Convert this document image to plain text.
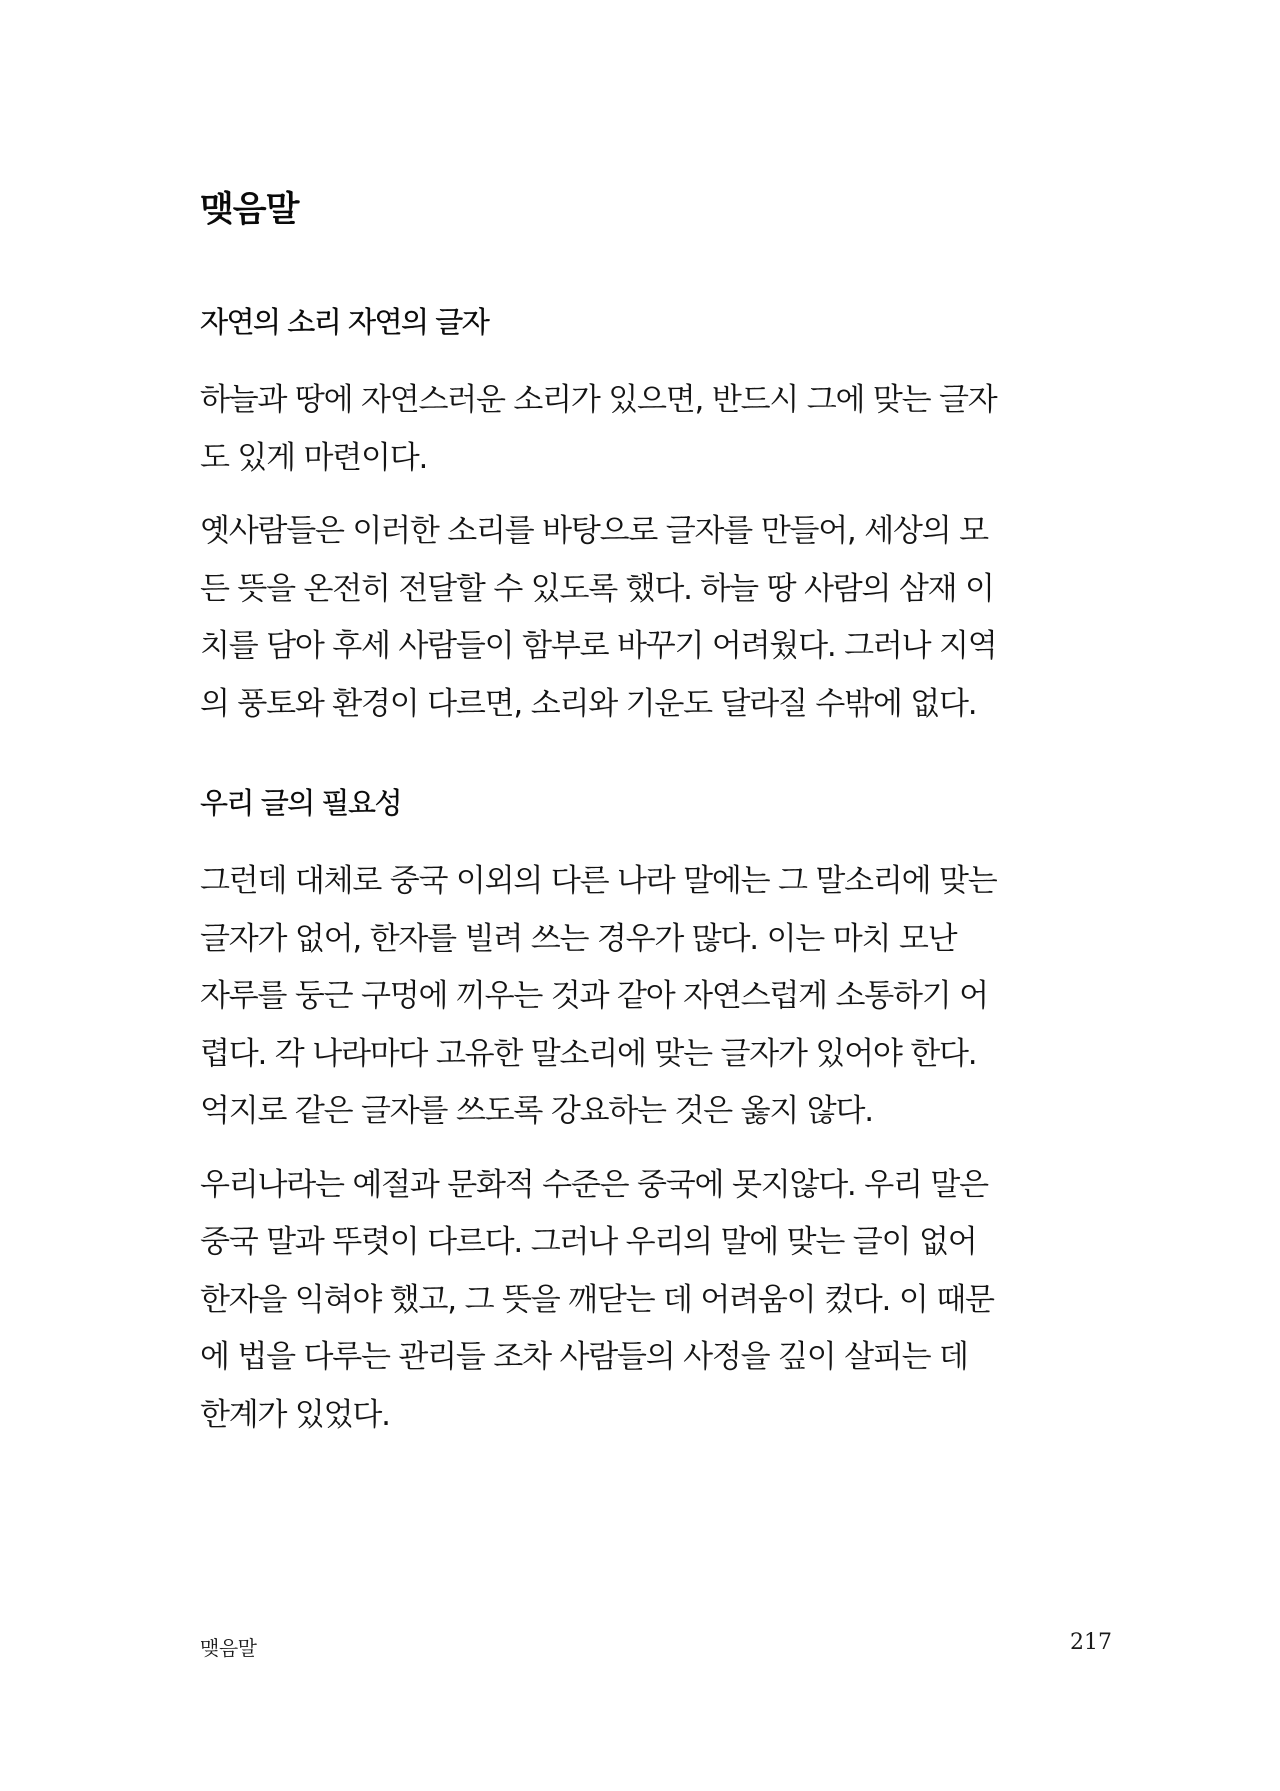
맺음말
자연의 소리 자연의 글자

하늘과 땅에 자연스러운 소리가 있으면, 반드시 그에 맞는 글자
도 있게 마련이다.

옛사람들은 이러한 소리를 바탕으로 글자를 만들어, 세상의 모
든 뜻을 온전히 전달할 수 있도록 했다. 하늘 땅 사람의 삼재 이
치를 담아 후세 사람들이 함부로 바꾸기 어려웠다. 그러나 지역
의 풍토와 환경이 다르면, 소리와 기운도 달라질 수밖에 없다.

우리 글의 필요성

그런데 대체로 중국 이외의 다른 나라 말에는 그 말소리에 맞는
글자가 없어, 한자를 빌려 쓰는 경우가 많다. 이는 마치 모난
자루를 둥근 구멍에 끼우는 것과 같아 자연스럽게 소통하기 어
렵다. 각 나라마다 고유한 말소리에 맞는 글자가 있어야 한다.
억지로 같은 글자를 쓰도록 강요하는 것은 옳지 않다.

우리나라는 예절과 문화적 수준은 중국에 못지않다. 우리 말은
중국 말과 뚜렷이 다르다. 그러나 우리의 말에 맞는 글이 없어
한자을 익혀야 했고, 그 뜻을 깨닫는 데 어려움이 컸다. 이 때문
에 법을 다루는 관리들 조차 사람들의 사정을 깊이 살피는 데
한계가 있었다.

맺음말	217
